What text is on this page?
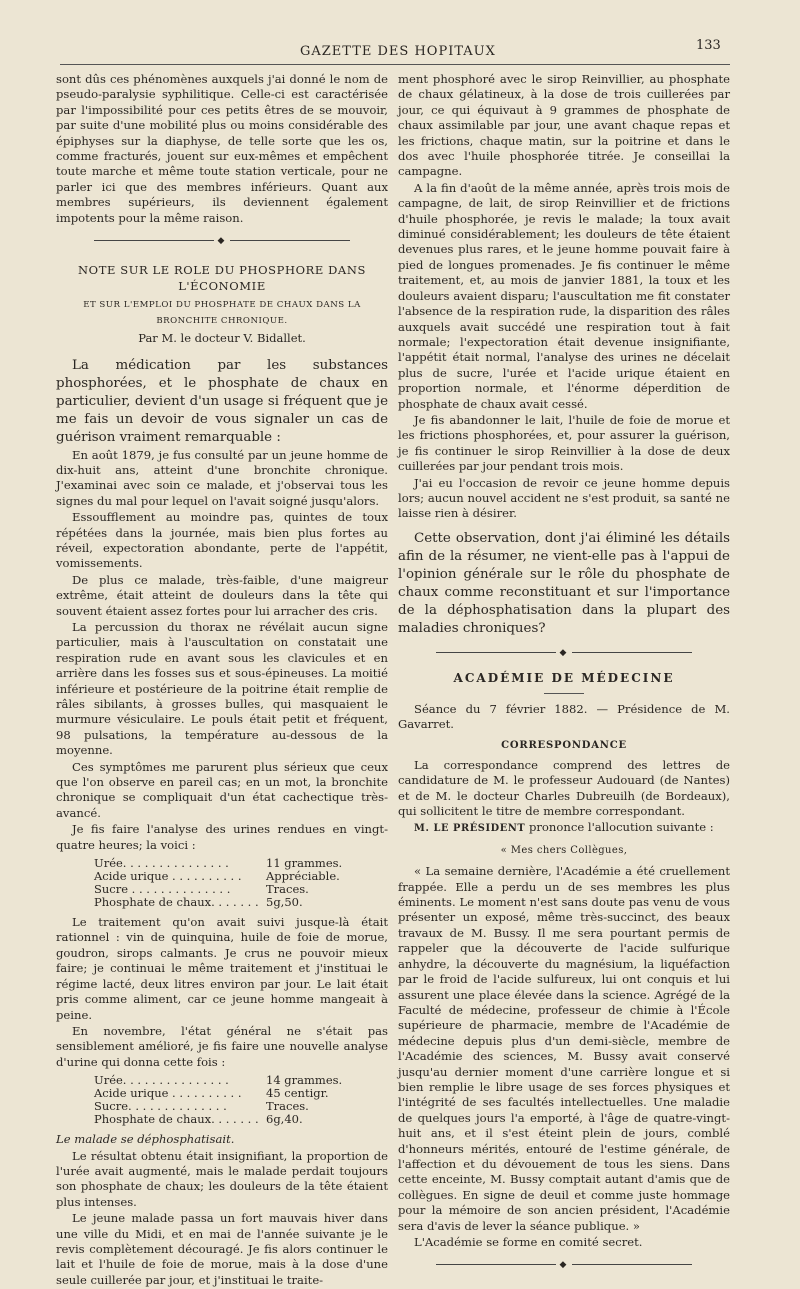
GAZETTE DES HOPITAUX	133

sont dûs ces phénomènes auxquels j'ai donné le nom de pseudo-paralysie syphilitique. Celle-ci est caractérisée par l'impossibilité pour ces petits êtres de se mouvoir, par suite d'une mobilité plus ou moins considérable des épiphyses sur la diaphyse, de telle sorte que les os, comme fracturés, jouent sur eux-mêmes et empêchent toute marche et même toute station verticale, pour ne parler ici que des membres inférieurs. Quant aux membres supérieurs, ils deviennent également impotents pour la même raison.

◆
NOTE SUR LE ROLE DU PHOSPHORE DANS L'ÉCONOMIE
ET SUR L'EMPLOI DU PHOSPHATE DE CHAUX DANS LA BRONCHITE CHRONIQUE.
Par M. le docteur V. Bidallet.

La médication par les substances phosphorées, et le phosphate de chaux en particulier, devient d'un usage si fréquent que je me fais un devoir de vous signaler un cas de guérison vraiment remarquable :

En août 1879, je fus consulté par un jeune homme de dix-huit ans, atteint d'une bronchite chronique. J'examinai avec soin ce malade, et j'observai tous les signes du mal pour lequel on l'avait soigné jusqu'alors.

Essoufflement au moindre pas, quintes de toux répétées dans la journée, mais bien plus fortes au réveil, expectoration abondante, perte de l'appétit, vomissements.

De plus ce malade, très-faible, d'une maigreur extrême, était atteint de douleurs dans la tête qui souvent étaient assez fortes pour lui arracher des cris.

La percussion du thorax ne révélait aucun signe particulier, mais à l'auscultation on constatait une respiration rude en avant sous les clavicules et en arrière dans les fosses sus et sous-épineuses. La moitié inférieure et postérieure de la poitrine était remplie de râles sibilants, à grosses bulles, qui masquaient le murmure vésiculaire. Le pouls était petit et fréquent, 98 pulsations, la température au-dessous de la moyenne.

Ces symptômes me parurent plus sérieux que ceux que l'on observe en pareil cas; en un mot, la bronchite chronique se compliquait d'un état cachectique très-avancé.

Je fis faire l'analyse des urines rendues en vingt-quatre heures; la voici :

Urée. . . . . . . . . . . . . . .	11 grammes.
Acide urique . . . . . . . . . .	Appréciable.
Sucre . . . . . . . . . . . . . .	Traces.
Phosphate de chaux. . . . . . .	5g,50.

Le traitement qu'on avait suivi jusque-là était rationnel : vin de quinquina, huile de foie de morue, goudron, sirops calmants. Je crus ne pouvoir mieux faire; je continuai le même traitement et j'instituai le régime lacté, deux litres environ par jour. Le lait était pris comme aliment, car ce jeune homme mangeait à peine.

En novembre, l'état général ne s'était pas sensiblement amélioré, je fis faire une nouvelle analyse d'urine qui donna cette fois :

Urée. . . . . . . . . . . . . . .	14 grammes.
Acide urique . . . . . . . . . .	45 centigr.
Sucre. . . . . . . . . . . . . .	Traces.
Phosphate de chaux. . . . . . .	6g,40.

Le malade se déphosphatisait.

Le résultat obtenu était insignifiant, la proportion de l'urée avait augmenté, mais le malade perdait toujours son phosphate de chaux; les douleurs de la tête étaient plus intenses.

Le jeune malade passa un fort mauvais hiver dans une ville du Midi, et en mai de l'année suivante je le revis complètement découragé. Je fis alors continuer le lait et l'huile de foie de morue, mais à la dose d'une seule cuillerée par jour, et j'instituai le traite-

ment phosphoré avec le sirop Reinvillier, au phosphate de chaux gélatineux, à la dose de trois cuillerées par jour, ce qui équivaut à 9 grammes de phosphate de chaux assimilable par jour, une avant chaque repas et les frictions, chaque matin, sur la poitrine et dans le dos avec l'huile phosphorée titrée. Je conseillai la campagne.

A la fin d'août de la même année, après trois mois de campagne, de lait, de sirop Reinvillier et de frictions d'huile phosphorée, je revis le malade; la toux avait diminué considérablement; les douleurs de tête étaient devenues plus rares, et le jeune homme pouvait faire à pied de longues promenades. Je fis continuer le même traitement, et, au mois de janvier 1881, la toux et les douleurs avaient disparu; l'auscultation me fit constater l'absence de la respiration rude, la disparition des râles auxquels avait succédé une respiration tout à fait normale; l'expectoration était devenue insignifiante, l'appétit était normal, l'analyse des urines ne décelait plus de sucre, l'urée et l'acide urique étaient en proportion normale, et l'énorme déperdition de phosphate de chaux avait cessé.

Je fis abandonner le lait, l'huile de foie de morue et les frictions phosphorées, et, pour assurer la guérison, je fis continuer le sirop Reinvillier à la dose de deux cuillerées par jour pendant trois mois.

J'ai eu l'occasion de revoir ce jeune homme depuis lors; aucun nouvel accident ne s'est produit, sa santé ne laisse rien à désirer.

Cette observation, dont j'ai éliminé les détails afin de la résumer, ne vient-elle pas à l'appui de l'opinion générale sur le rôle du phosphate de chaux comme reconstituant et sur l'importance de la déphosphatisation dans la plupart des maladies chroniques?

◆
ACADÉMIE DE MÉDECINE

Séance du 7 février 1882. — Présidence de M. Gavarret.

CORRESPONDANCE

La correspondance comprend des lettres de candidature de M. le professeur Audouard (de Nantes) et de M. le docteur Charles Dubreuilh (de Bordeaux), qui sollicitent le titre de membre correspondant.

M. LE PRÉSIDENT prononce l'allocution suivante :

« Mes chers Collègues,

« La semaine dernière, l'Académie a été cruellement frappée. Elle a perdu un de ses membres les plus éminents. Le moment n'est sans doute pas venu de vous présenter un exposé, même très-succinct, des beaux travaux de M. Bussy. Il me sera pourtant permis de rappeler que la découverte de l'acide sulfurique anhydre, la découverte du magnésium, la liquéfaction par le froid de l'acide sulfureux, lui ont conquis et lui assurent une place élevée dans la science. Agrégé de la Faculté de médecine, professeur de chimie à l'École supérieure de pharmacie, membre de l'Académie de médecine depuis plus d'un demi-siècle, membre de l'Académie des sciences, M. Bussy avait conservé jusqu'au dernier moment d'une carrière longue et si bien remplie le libre usage de ses forces physiques et l'intégrité de ses facultés intellectuelles. Une maladie de quelques jours l'a emporté, à l'âge de quatre-vingt-huit ans, et il s'est éteint plein de jours, comblé d'honneurs mérités, entouré de l'estime générale, de l'affection et du dévouement de tous les siens. Dans cette enceinte, M. Bussy comptait autant d'amis que de collègues. En signe de deuil et comme juste hommage pour la mémoire de son ancien président, l'Académie sera d'avis de lever la séance publique. »

L'Académie se forme en comité secret.

◆
